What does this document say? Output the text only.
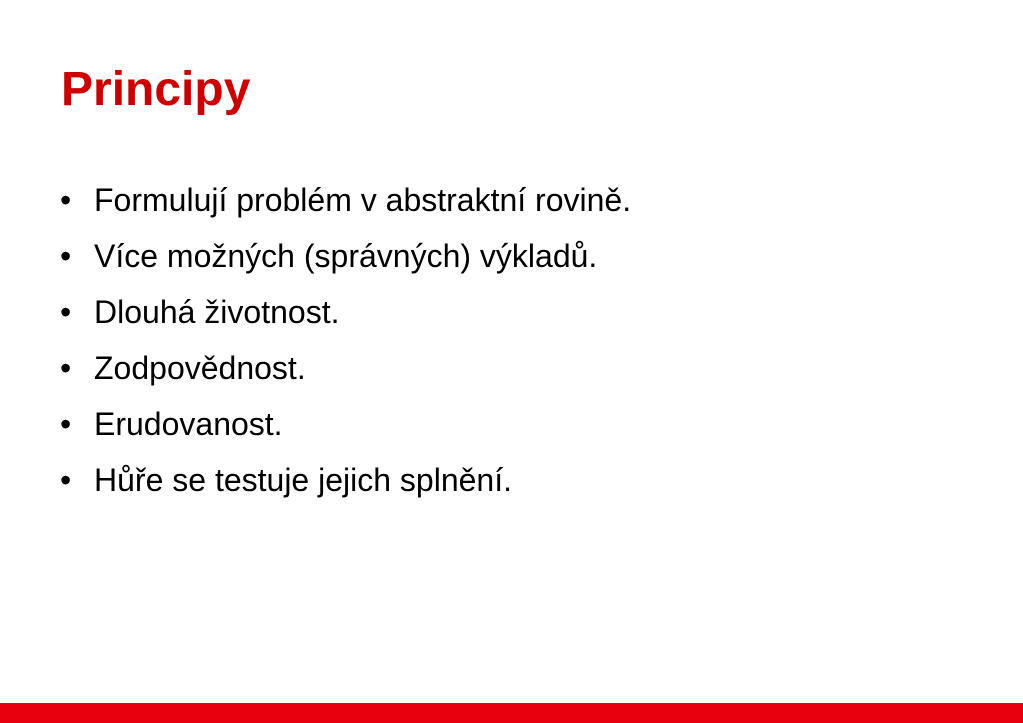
Principy
• Formulují problém v abstraktní rovině.
• Více možných (správných) výkladů.
• Dlouhá životnost.
• Zodpovědnost.
• Erudovanost.
• Hůře se testuje jejich splnění.
